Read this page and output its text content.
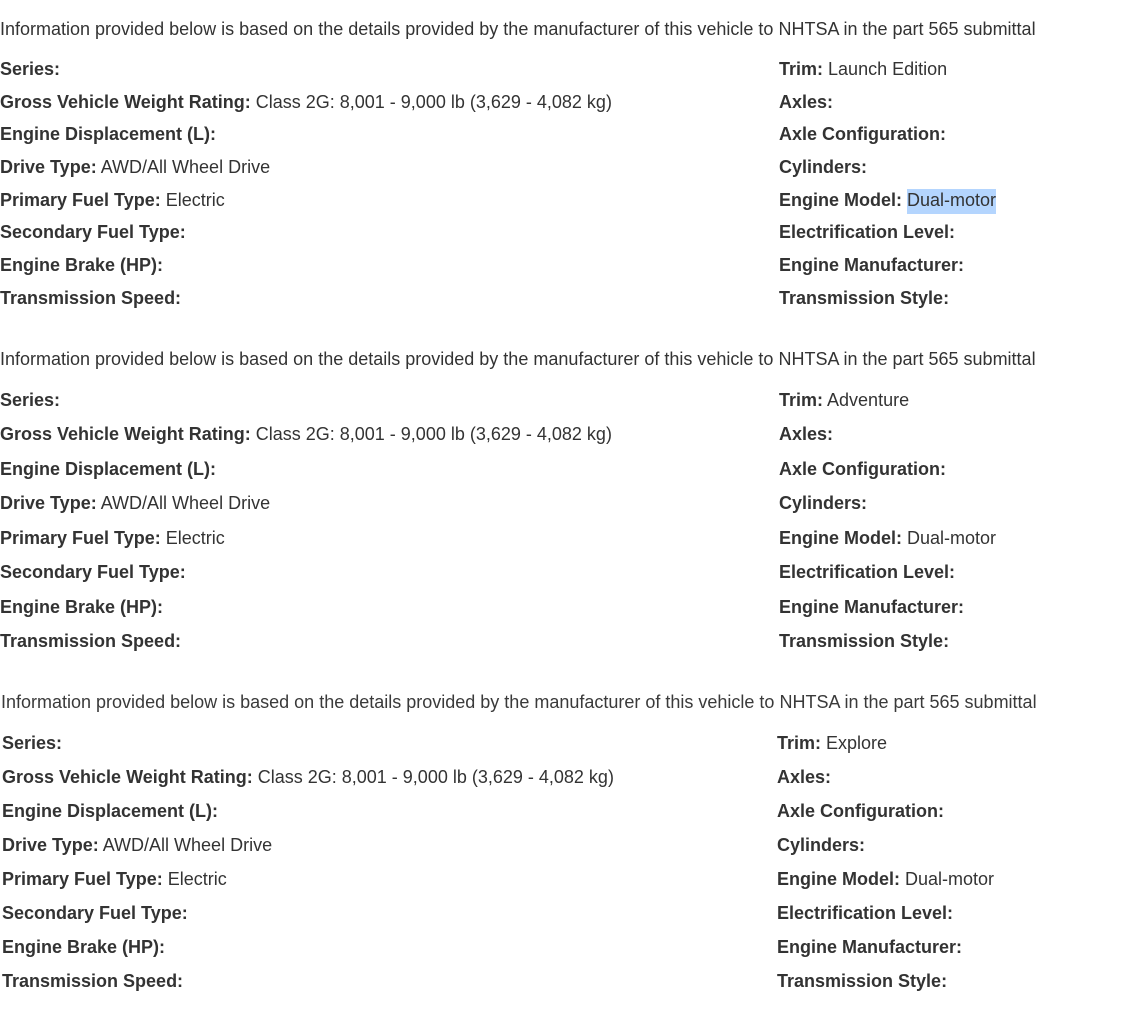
Information provided below is based on the details provided by the manufacturer of this vehicle to NHTSA in the part 565 submittal
Series:	Trim: Launch Edition
Gross Vehicle Weight Rating: Class 2G: 8,001 - 9,000 lb (3,629 - 4,082 kg)	Axles:
Engine Displacement (L):	Axle Configuration:
Drive Type: AWD/All Wheel Drive	Cylinders:
Primary Fuel Type: Electric	Engine Model: Dual-motor
Secondary Fuel Type:	Electrification Level:
Engine Brake (HP):	Engine Manufacturer:
Transmission Speed:	Transmission Style:
Information provided below is based on the details provided by the manufacturer of this vehicle to NHTSA in the part 565 submittal
Series:	Trim: Adventure
Gross Vehicle Weight Rating: Class 2G: 8,001 - 9,000 lb (3,629 - 4,082 kg)	Axles:
Engine Displacement (L):	Axle Configuration:
Drive Type: AWD/All Wheel Drive	Cylinders:
Primary Fuel Type: Electric	Engine Model: Dual-motor
Secondary Fuel Type:	Electrification Level:
Engine Brake (HP):	Engine Manufacturer:
Transmission Speed:	Transmission Style:
Information provided below is based on the details provided by the manufacturer of this vehicle to NHTSA in the part 565 submittal
Series:	Trim: Explore
Gross Vehicle Weight Rating: Class 2G: 8,001 - 9,000 lb (3,629 - 4,082 kg)	Axles:
Engine Displacement (L):	Axle Configuration:
Drive Type: AWD/All Wheel Drive	Cylinders:
Primary Fuel Type: Electric	Engine Model: Dual-motor
Secondary Fuel Type:	Electrification Level:
Engine Brake (HP):	Engine Manufacturer:
Transmission Speed:	Transmission Style:
